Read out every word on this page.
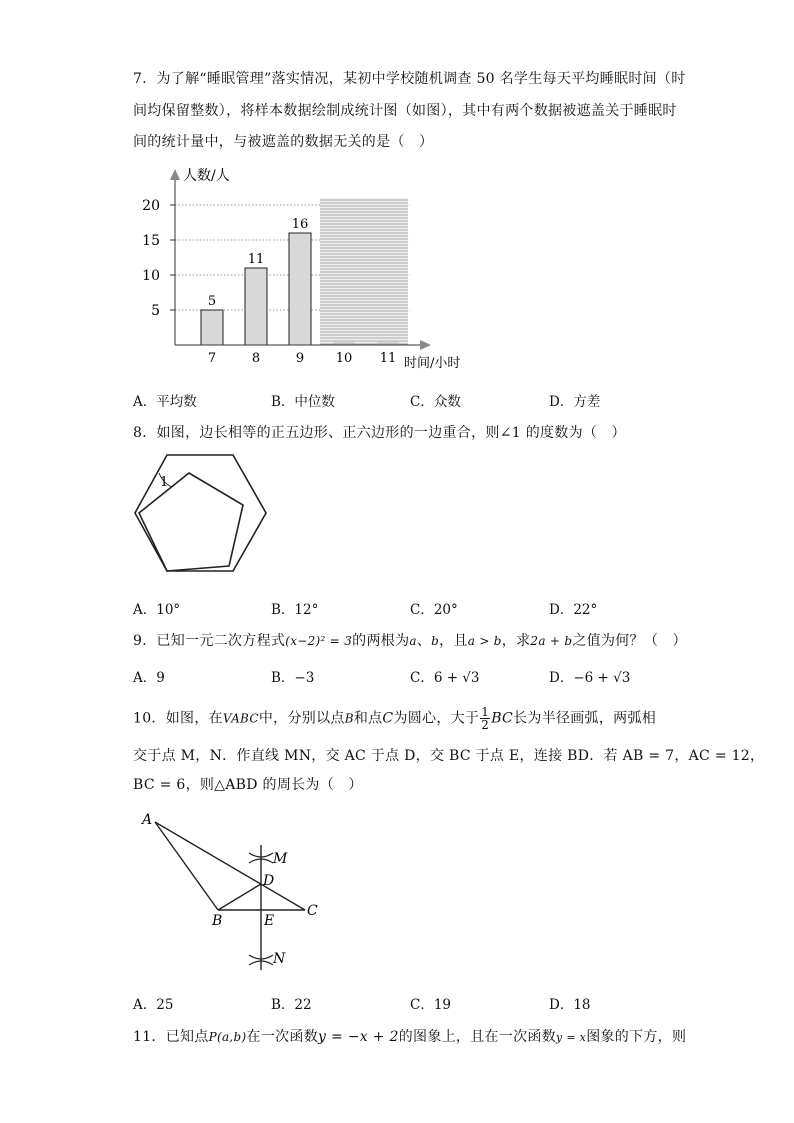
7．为了解“睡眠管理”落实情况，某初中学校随机调查 50 名学生每天平均睡眠时间（时
间均保留整数），将样本数据绘制成统计图（如图），其中有两个数据被遮盖关于睡眠时
间的统计量中，与被遮盖的数据无关的是（　）
5
11
16
5
10
15
20
7	8	9 10 11
人数/人
时间/小时
A．平均数	B．中位数	C．众数	D．方差
8．如图，边长相等的正五边形、正六边形的一边重合，则∠1 的度数为（　）
1
A．10°	B．12°	C．20°	D．22°
9．已知一元二次方程式(x−2)² = 3的两根为a、b，且a > b，求2a + b之值为何？（　）
A．9	B．−3	C．6 + √3	D．−6 + √3
10．如图，在VABC中，分别以点B和点C为圆心，大于 $\frac{1}{2}$ BC长为半径画弧，两弧相
交于点 M，N．作直线 MN，交 AC 于点 D，交 BC 于点 E，连接 BD．若 AB = 7，AC = 12，
BC = 6，则△ABD 的周长为（　）
A
B
C
D
E
M
N
A．25	B．22	C．19	D．18
11．已知点P(a,b)在一次函数y = −x + 2的图象上，且在一次函数y = x图象的下方，则
